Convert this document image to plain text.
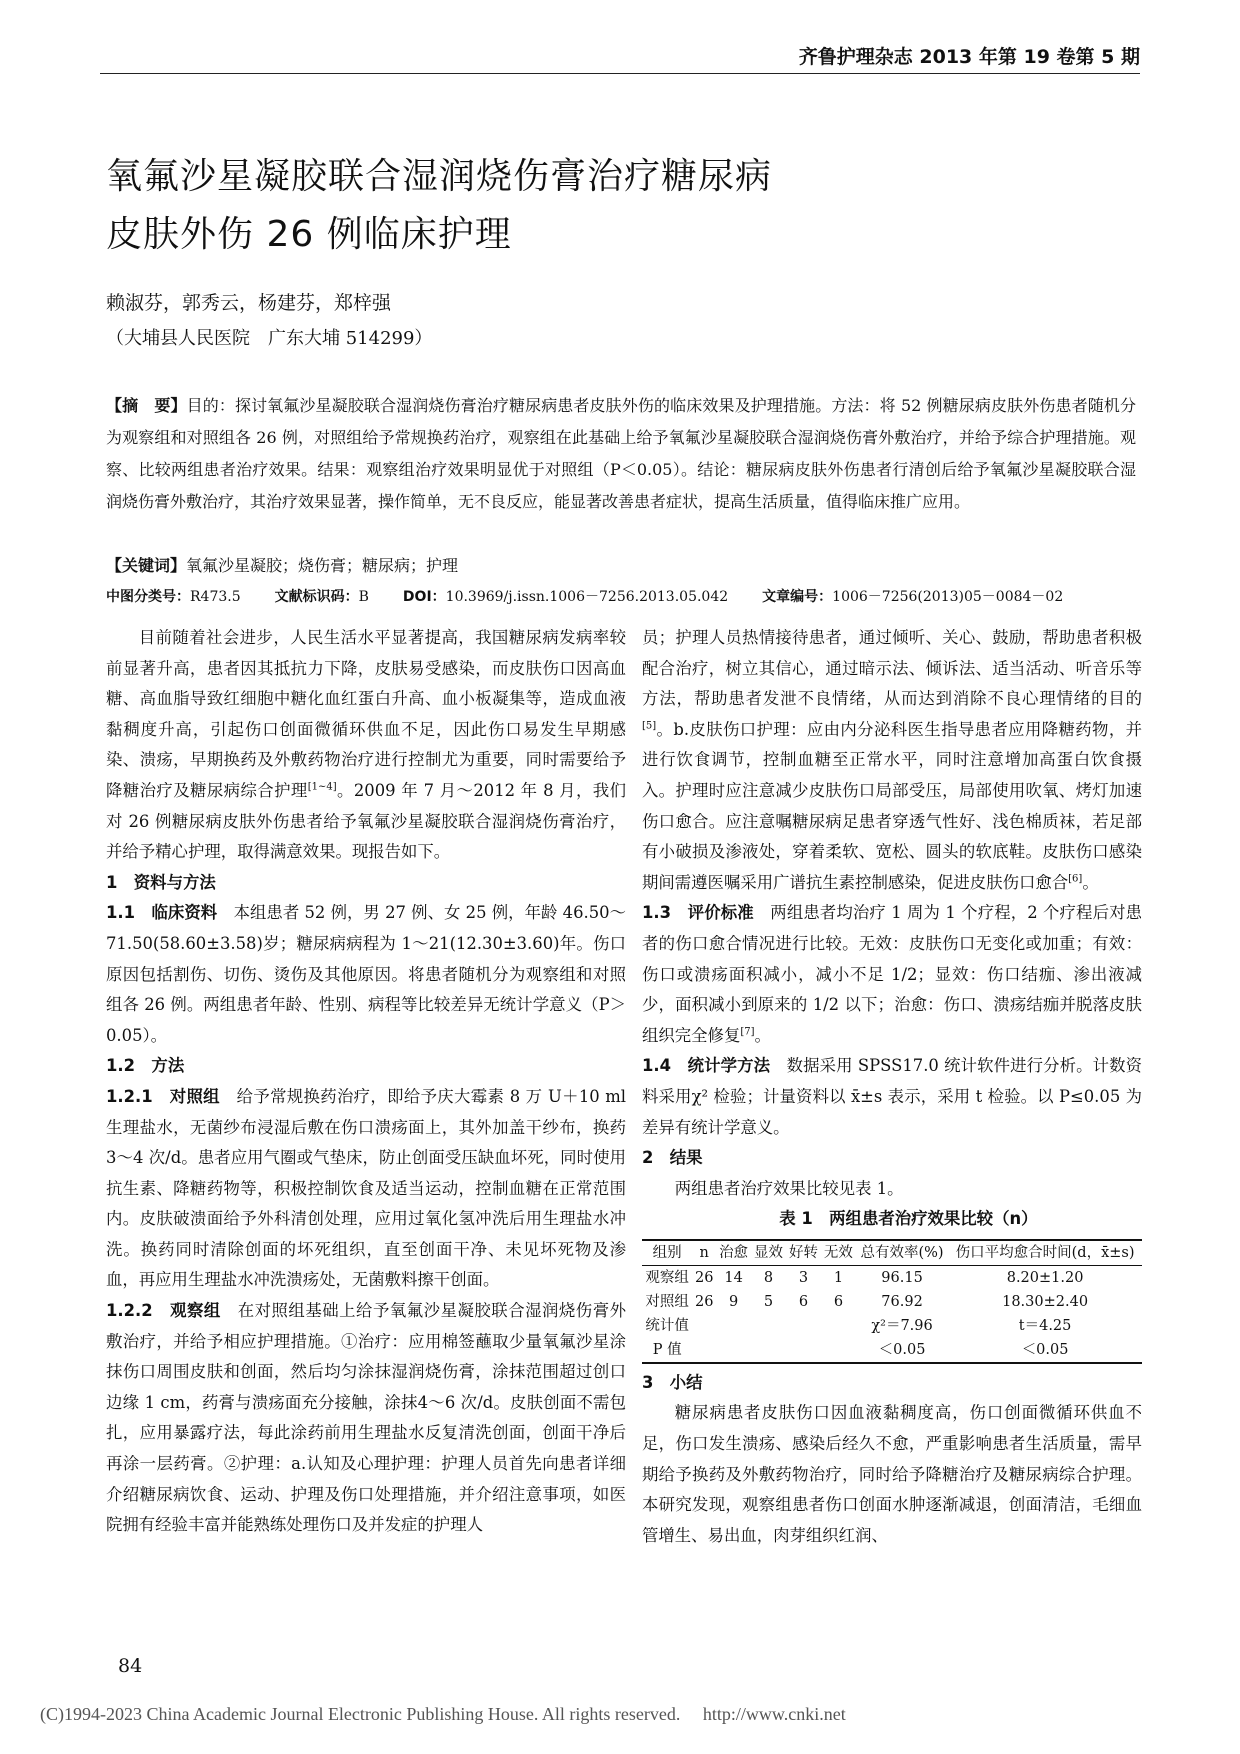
齐鲁护理杂志 2013 年第 19 卷第 5 期
氧氟沙星凝胶联合湿润烧伤膏治疗糖尿病
皮肤外伤 26 例临床护理
赖淑芬，郭秀云，杨建芬，郑梓强
（大埔县人民医院　广东大埔 514299）
【摘　要】目的：探讨氧氟沙星凝胶联合湿润烧伤膏治疗糖尿病患者皮肤外伤的临床效果及护理措施。方法：将 52 例糖尿病皮肤外伤患者随机分为观察组和对照组各 26 例，对照组给予常规换药治疗，观察组在此基础上给予氧氟沙星凝胶联合湿润烧伤膏外敷治疗，并给予综合护理措施。观察、比较两组患者治疗效果。结果：观察组治疗效果明显优于对照组（P＜0.05）。结论：糖尿病皮肤外伤患者行清创后给予氧氟沙星凝胶联合湿润烧伤膏外敷治疗，其治疗效果显著，操作简单，无不良反应，能显著改善患者症状，提高生活质量，值得临床推广应用。
【关键词】氧氟沙星凝胶；烧伤膏；糖尿病；护理
中图分类号：R473.5 文献标识码：B DOI：10.3969/j.issn.1006－7256.2013.05.042 文章编号：1006－7256(2013)05－0084－02

目前随着社会进步，人民生活水平显著提高，我国糖尿病发病率较前显著升高，患者因其抵抗力下降，皮肤易受感染，而皮肤伤口因高血糖、高血脂导致红细胞中糖化血红蛋白升高、血小板凝集等，造成血液黏稠度升高，引起伤口创面微循环供血不足，因此伤口易发生早期感染、溃疡，早期换药及外敷药物治疗进行控制尤为重要，同时需要给予降糖治疗及糖尿病综合护理[1~4]。2009 年 7 月～2012 年 8 月，我们对 26 例糖尿病皮肤外伤患者给予氧氟沙星凝胶联合湿润烧伤膏治疗，并给予精心护理，取得满意效果。现报告如下。

1　资料与方法

1.1　临床资料　 本组患者 52 例，男 27 例、女 25 例，年龄 46.50～71.50(58.60±3.58)岁；糖尿病病程为 1～21(12.30±3.60)年。伤口原因包括割伤、切伤、烫伤及其他原因。将患者随机分为观察组和对照组各 26 例。两组患者年龄、性别、病程等比较差异无统计学意义（P＞0.05）。

1.2　方法

1.2.1　对照组　 给予常规换药治疗，即给予庆大霉素 8 万 U＋10 ml 生理盐水，无菌纱布浸湿后敷在伤口溃疡面上，其外加盖干纱布，换药 3～4 次/d。患者应用气圈或气垫床，防止创面受压缺血坏死，同时使用抗生素、降糖药物等，积极控制饮食及适当运动，控制血糖在正常范围内。皮肤破溃面给予外科清创处理，应用过氧化氢冲洗后用生理盐水冲洗。换药同时清除创面的坏死组织，直至创面干净、未见坏死物及渗血，再应用生理盐水冲洗溃疡处，无菌敷料擦干创面。

1.2.2　观察组　 在对照组基础上给予氧氟沙星凝胶联合湿润烧伤膏外敷治疗，并给予相应护理措施。①治疗：应用棉签蘸取少量氧氟沙星涂抹伤口周围皮肤和创面，然后均匀涂抹湿润烧伤膏，涂抹范围超过创口边缘 1 cm，药膏与溃疡面充分接触，涂抹4～6 次/d。皮肤创面不需包扎，应用暴露疗法，每此涂药前用生理盐水反复清洗创面，创面干净后再涂一层药膏。②护理：a.认知及心理护理：护理人员首先向患者详细介绍糖尿病饮食、运动、护理及伤口处理措施，并介绍注意事项，如医院拥有经验丰富并能熟练处理伤口及并发症的护理人

员；护理人员热情接待患者，通过倾听、关心、鼓励，帮助患者积极配合治疗，树立其信心，通过暗示法、倾诉法、适当活动、听音乐等方法，帮助患者发泄不良情绪，从而达到消除不良心理情绪的目的[5]。b.皮肤伤口护理：应由内分泌科医生指导患者应用降糖药物，并进行饮食调节，控制血糖至正常水平，同时注意增加高蛋白饮食摄入。护理时应注意减少皮肤伤口局部受压，局部使用吹氧、烤灯加速伤口愈合。应注意嘱糖尿病足患者穿透气性好、浅色棉质袜，若足部有小破损及渗液处，穿着柔软、宽松、圆头的软底鞋。皮肤伤口感染期间需遵医嘱采用广谱抗生素控制感染，促进皮肤伤口愈合[6]。

1.3　评价标准　 两组患者均治疗 1 周为 1 个疗程，2 个疗程后对患者的伤口愈合情况进行比较。无效：皮肤伤口无变化或加重；有效：伤口或溃疡面积减小，减小不足 1/2；显效：伤口结痂、渗出液减少，面积减小到原来的 1/2 以下；治愈：伤口、溃疡结痂并脱落皮肤组织完全修复[7]。

1.4　统计学方法　 数据采用 SPSS17.0 统计软件进行分析。计数资料采用χ² 检验；计量资料以 x̄±s 表示，采用 t 检验。以 P≤0.05 为差异有统计学意义。

2　结果

两组患者治疗效果比较见表 1。

表 1　两组患者治疗效果比较（n）

组别	n	治愈	显效	好转	无效	总有效率(%)	伤口平均愈合时间(d，x̄±s)
观察组	26	14	8	3	1	96.15	8.20±1.20
对照组	26	9	5	6	6	76.92	18.30±2.40
统计值						χ²＝7.96	t＝4.25
P 值						＜0.05	＜0.05

3　小结

糖尿病患者皮肤伤口因血液黏稠度高，伤口创面微循环供血不足，伤口发生溃疡、感染后经久不愈，严重影响患者生活质量，需早期给予换药及外敷药物治疗，同时给予降糖治疗及糖尿病综合护理。本研究发现，观察组患者伤口创面水肿逐渐减退，创面清洁，毛细血管增生、易出血，肉芽组织红润、

84
(C)1994-2023 China Academic Journal Electronic Publishing House. All rights reserved.　 http://www.cnki.net
